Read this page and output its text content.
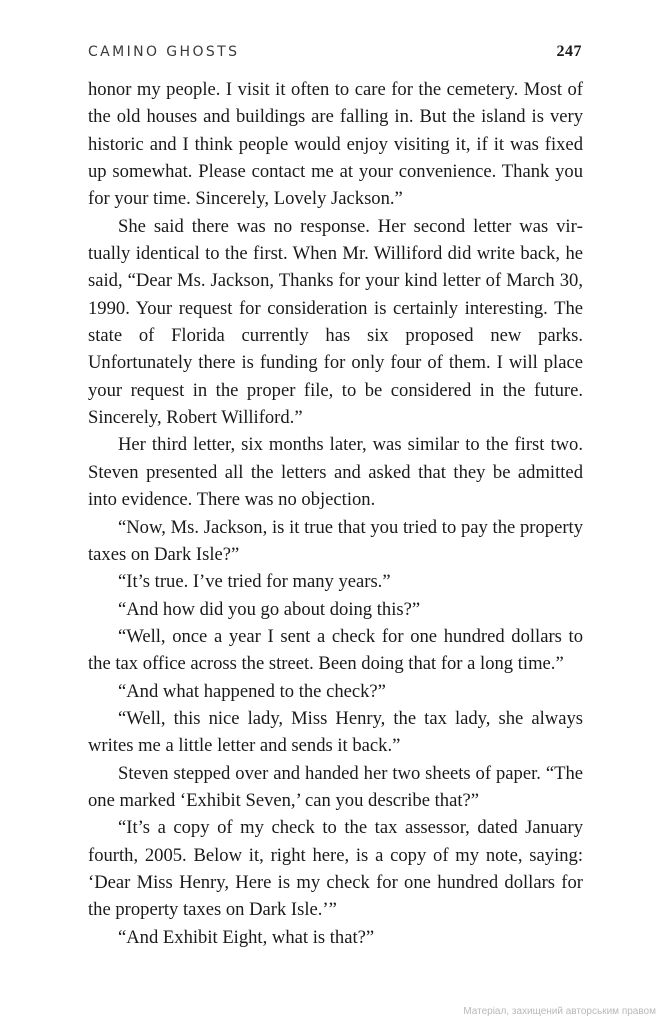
CAMINO GHOSTS	247

honor my people. I visit it often to care for the cemetery. Most of the old houses and buildings are falling in. But the island is very historic and I think people would enjoy visiting it, if it was fixed up somewhat. Please contact me at your convenience. Thank you for your time. Sincerely, Lovely Jackson.”

She said there was no response. Her second letter was virtually identical to the first. When Mr. Williford did write back, he said, “Dear Ms. Jackson, Thanks for your kind letter of March 30, 1990. Your request for consideration is certainly interesting. The state of Florida currently has six proposed new parks. Unfortunately there is funding for only four of them. I will place your request in the proper file, to be considered in the future. Sincerely, Robert Williford.”

Her third letter, six months later, was similar to the first two. Steven presented all the letters and asked that they be admitted into evidence. There was no objection.

“Now, Ms. Jackson, is it true that you tried to pay the property taxes on Dark Isle?”

“It’s true. I’ve tried for many years.”

“And how did you go about doing this?”

“Well, once a year I sent a check for one hundred dollars to the tax office across the street. Been doing that for a long time.”

“And what happened to the check?”

“Well, this nice lady, Miss Henry, the tax lady, she always writes me a little letter and sends it back.”

Steven stepped over and handed her two sheets of paper. “The one marked ‘Exhibit Seven,’ can you describe that?”

“It’s a copy of my check to the tax assessor, dated January fourth, 2005. Below it, right here, is a copy of my note, saying: ‘Dear Miss Henry, Here is my check for one hundred dollars for the property taxes on Dark Isle.’”

“And Exhibit Eight, what is that?”

Матеріал, захищений авторським правом
